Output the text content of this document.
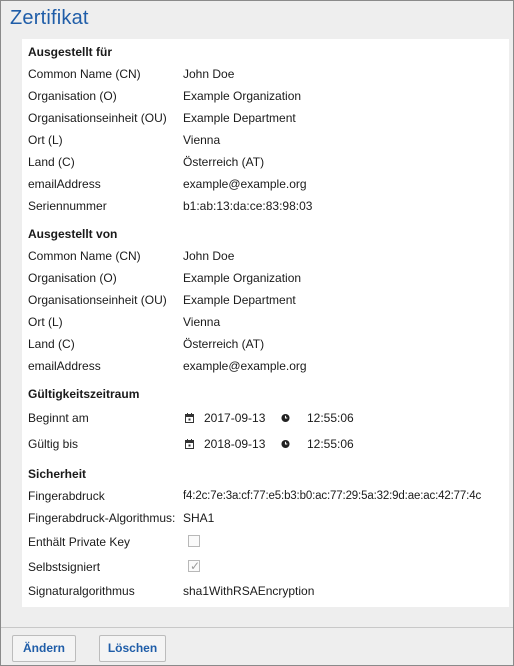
Zertifikat
Ausgestellt für
Common Name (CN)	John Doe
Organisation (O)	Example Organization
Organisationseinheit (OU) Example Department
Ort (L)	Vienna
Land (C)	Österreich (AT)
emailAddress	example@example.org
Seriennummer	b1:ab:13:da:ce:83:98:03
Ausgestellt von
Common Name (CN)	John Doe
Organisation (O)	Example Organization
Organisationseinheit (OU) Example Department
Ort (L)	Vienna
Land (C)	Österreich (AT)
emailAddress	example@example.org
Gültigkeitszeitraum
Beginnt am	2017-09-13	12:55:06
Gültig bis	2018-09-13	12:55:06
Sicherheit
Fingerabdruck	f4:2c:7e:3a:cf:77:e5:b3:b0:ac:77:29:5a:32:9d:ae:ac:42:77:4c
Fingerabdruck-Algorithmus: SHA1
Enthält Private Key
Selbstsigniert	✓
Signaturalgorithmus	sha1WithRSAEncryption
Ändern	Löschen
